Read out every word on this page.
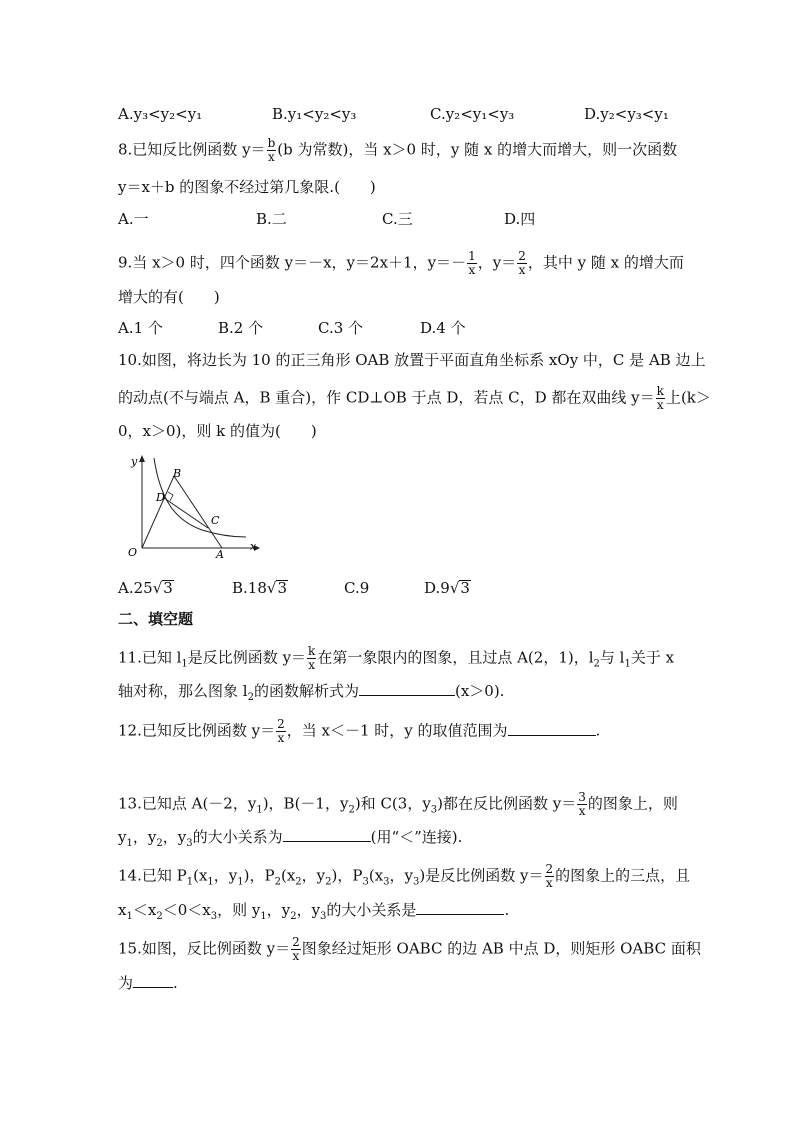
A.y₃<y₂<y₁	B.y₁<y₂<y₃	C.y₂<y₁<y₃	D.y₂<y₃<y₁
8.已知反比例函数 $y= \frac{b}{x} (b$ 为常数)，当 x＞0 时，y 随 x 的增大而增大，则一次函数
y＝x＋b 的图象不经过第几象限.(　　)
A.一	B.二	C.三	D.四
9.当 x＞0 时，四个函数 y＝－x，y＝2x＋1，$y=- \frac{1}{x}$ ，$y= \frac{2}{x}$ ，其中 y 随 x 的增大而
增大的有(　　)
A.1 个	B.2 个	C.3 个	D.4 个
10.如图，将边长为 10 的正三角形 OAB 放置于平面直角坐标系 xOy 中，C 是 AB 边上
的动点(不与端点 A，B 重合)，作 CD⊥OB 于点 D，若点 C，D 都在双曲线 $y= \frac{k}{x}$ 上(k＞
0，x＞0)，则 k 的值为(　　)
y
x
O	A
B
C
D
A.25√3	B.18√3	C.9	D.9√3
二、填空题
11.已知 $l_1$是反比例函数 $y= \frac{k}{x}$ 在第一象限内的图象，且过点 A(2，1)，$l_2$与 $l_1$关于 x
轴对称，那么图象 $l_2$的函数解析式为	(x＞0).
12.已知反比例函数 $y= \frac{2}{x}$ ，当 x＜－1 时，y 的取值范围为	.
13.已知点 A(－2，$y_1$)，B(－1，$y_2$)和 C(3，$y_3$)都在反比例函数 $y= \frac{3}{x}$ 的图象上，则
$y_1$，$y_2$，$y_3$的大小关系为	(用“＜”连接).
14.已知 $P_1(x_1$，$y_1$)，$P_2(x_2$，$y_2$)，$P_3(x_3$，$y_3$)是反比例函数 $y= \frac{2}{x}$ 的图象上的三点，且
$x_1<x_2<0<x_3$，则 $y_1$，$y_2$，$y_3$的大小关系是	.
15.如图，反比例函数 $y= \frac{2}{x}$ 图象经过矩形 OABC 的边 AB 中点 D，则矩形 OABC 面积
为	.
